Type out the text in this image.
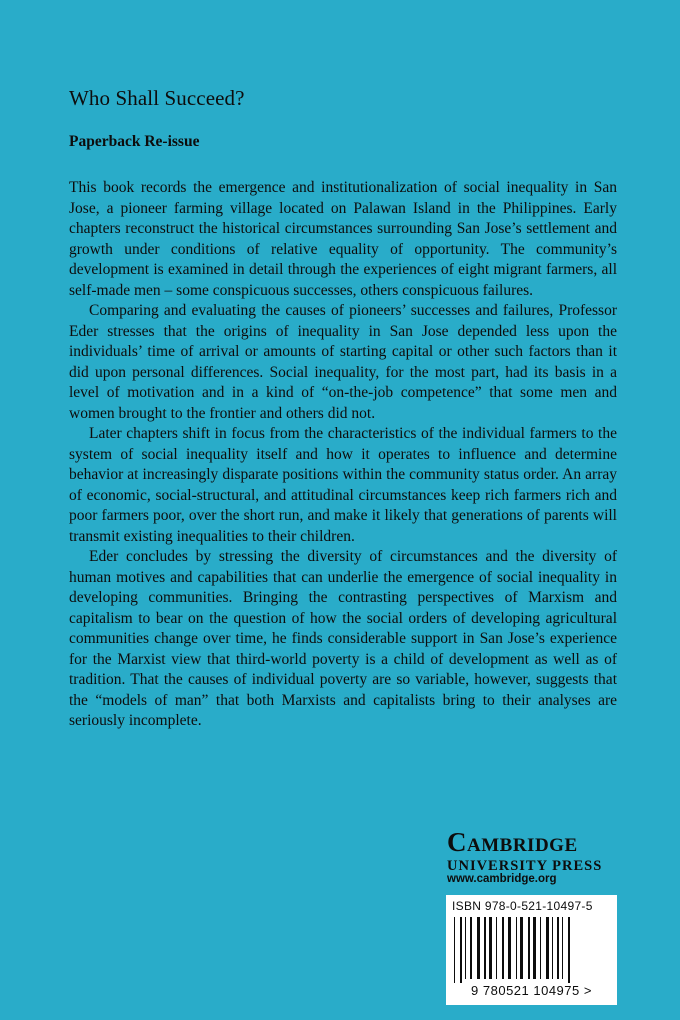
Who Shall Succeed?
Paperback Re-issue

This book records the emergence and institutionalization of social inequality in San Jose, a pioneer farming village located on Palawan Island in the Philippines. Early chapters reconstruct the historical circumstances surrounding San Jose’s settlement and growth under conditions of relative equality of opportunity. The community’s development is examined in detail through the experiences of eight migrant farmers, all self-made men – some conspicuous successes, others conspicuous failures.

Comparing and evaluating the causes of pioneers’ successes and failures, Professor Eder stresses that the origins of inequality in San Jose depended less upon the individuals’ time of arrival or amounts of starting capital or other such factors than it did upon personal differences. Social inequality, for the most part, had its basis in a level of motivation and in a kind of “on-the-job competence” that some men and women brought to the frontier and others did not.

Later chapters shift in focus from the characteristics of the individual farmers to the system of social inequality itself and how it operates to influence and determine behavior at increasingly disparate positions within the community status order. An array of economic, social-structural, and attitudinal circumstances keep rich farmers rich and poor farmers poor, over the short run, and make it likely that generations of parents will transmit existing inequalities to their children.

Eder concludes by stressing the diversity of circumstances and the diversity of human motives and capabilities that can underlie the emergence of social inequality in developing communities. Bringing the contrasting perspectives of Marxism and capitalism to bear on the question of how the social orders of developing agricultural communities change over time, he finds considerable support in San Jose’s experience for the Marxist view that third-world poverty is a child of development as well as of tradition. That the causes of individual poverty are so variable, however, suggests that the “models of man” that both Marxists and capitalists bring to their analyses are seriously incomplete.

Cambridge
UNIVERSITY PRESS
www.cambridge.org
ISBN 978-0-521-10497-5
9 780521 104975 >
